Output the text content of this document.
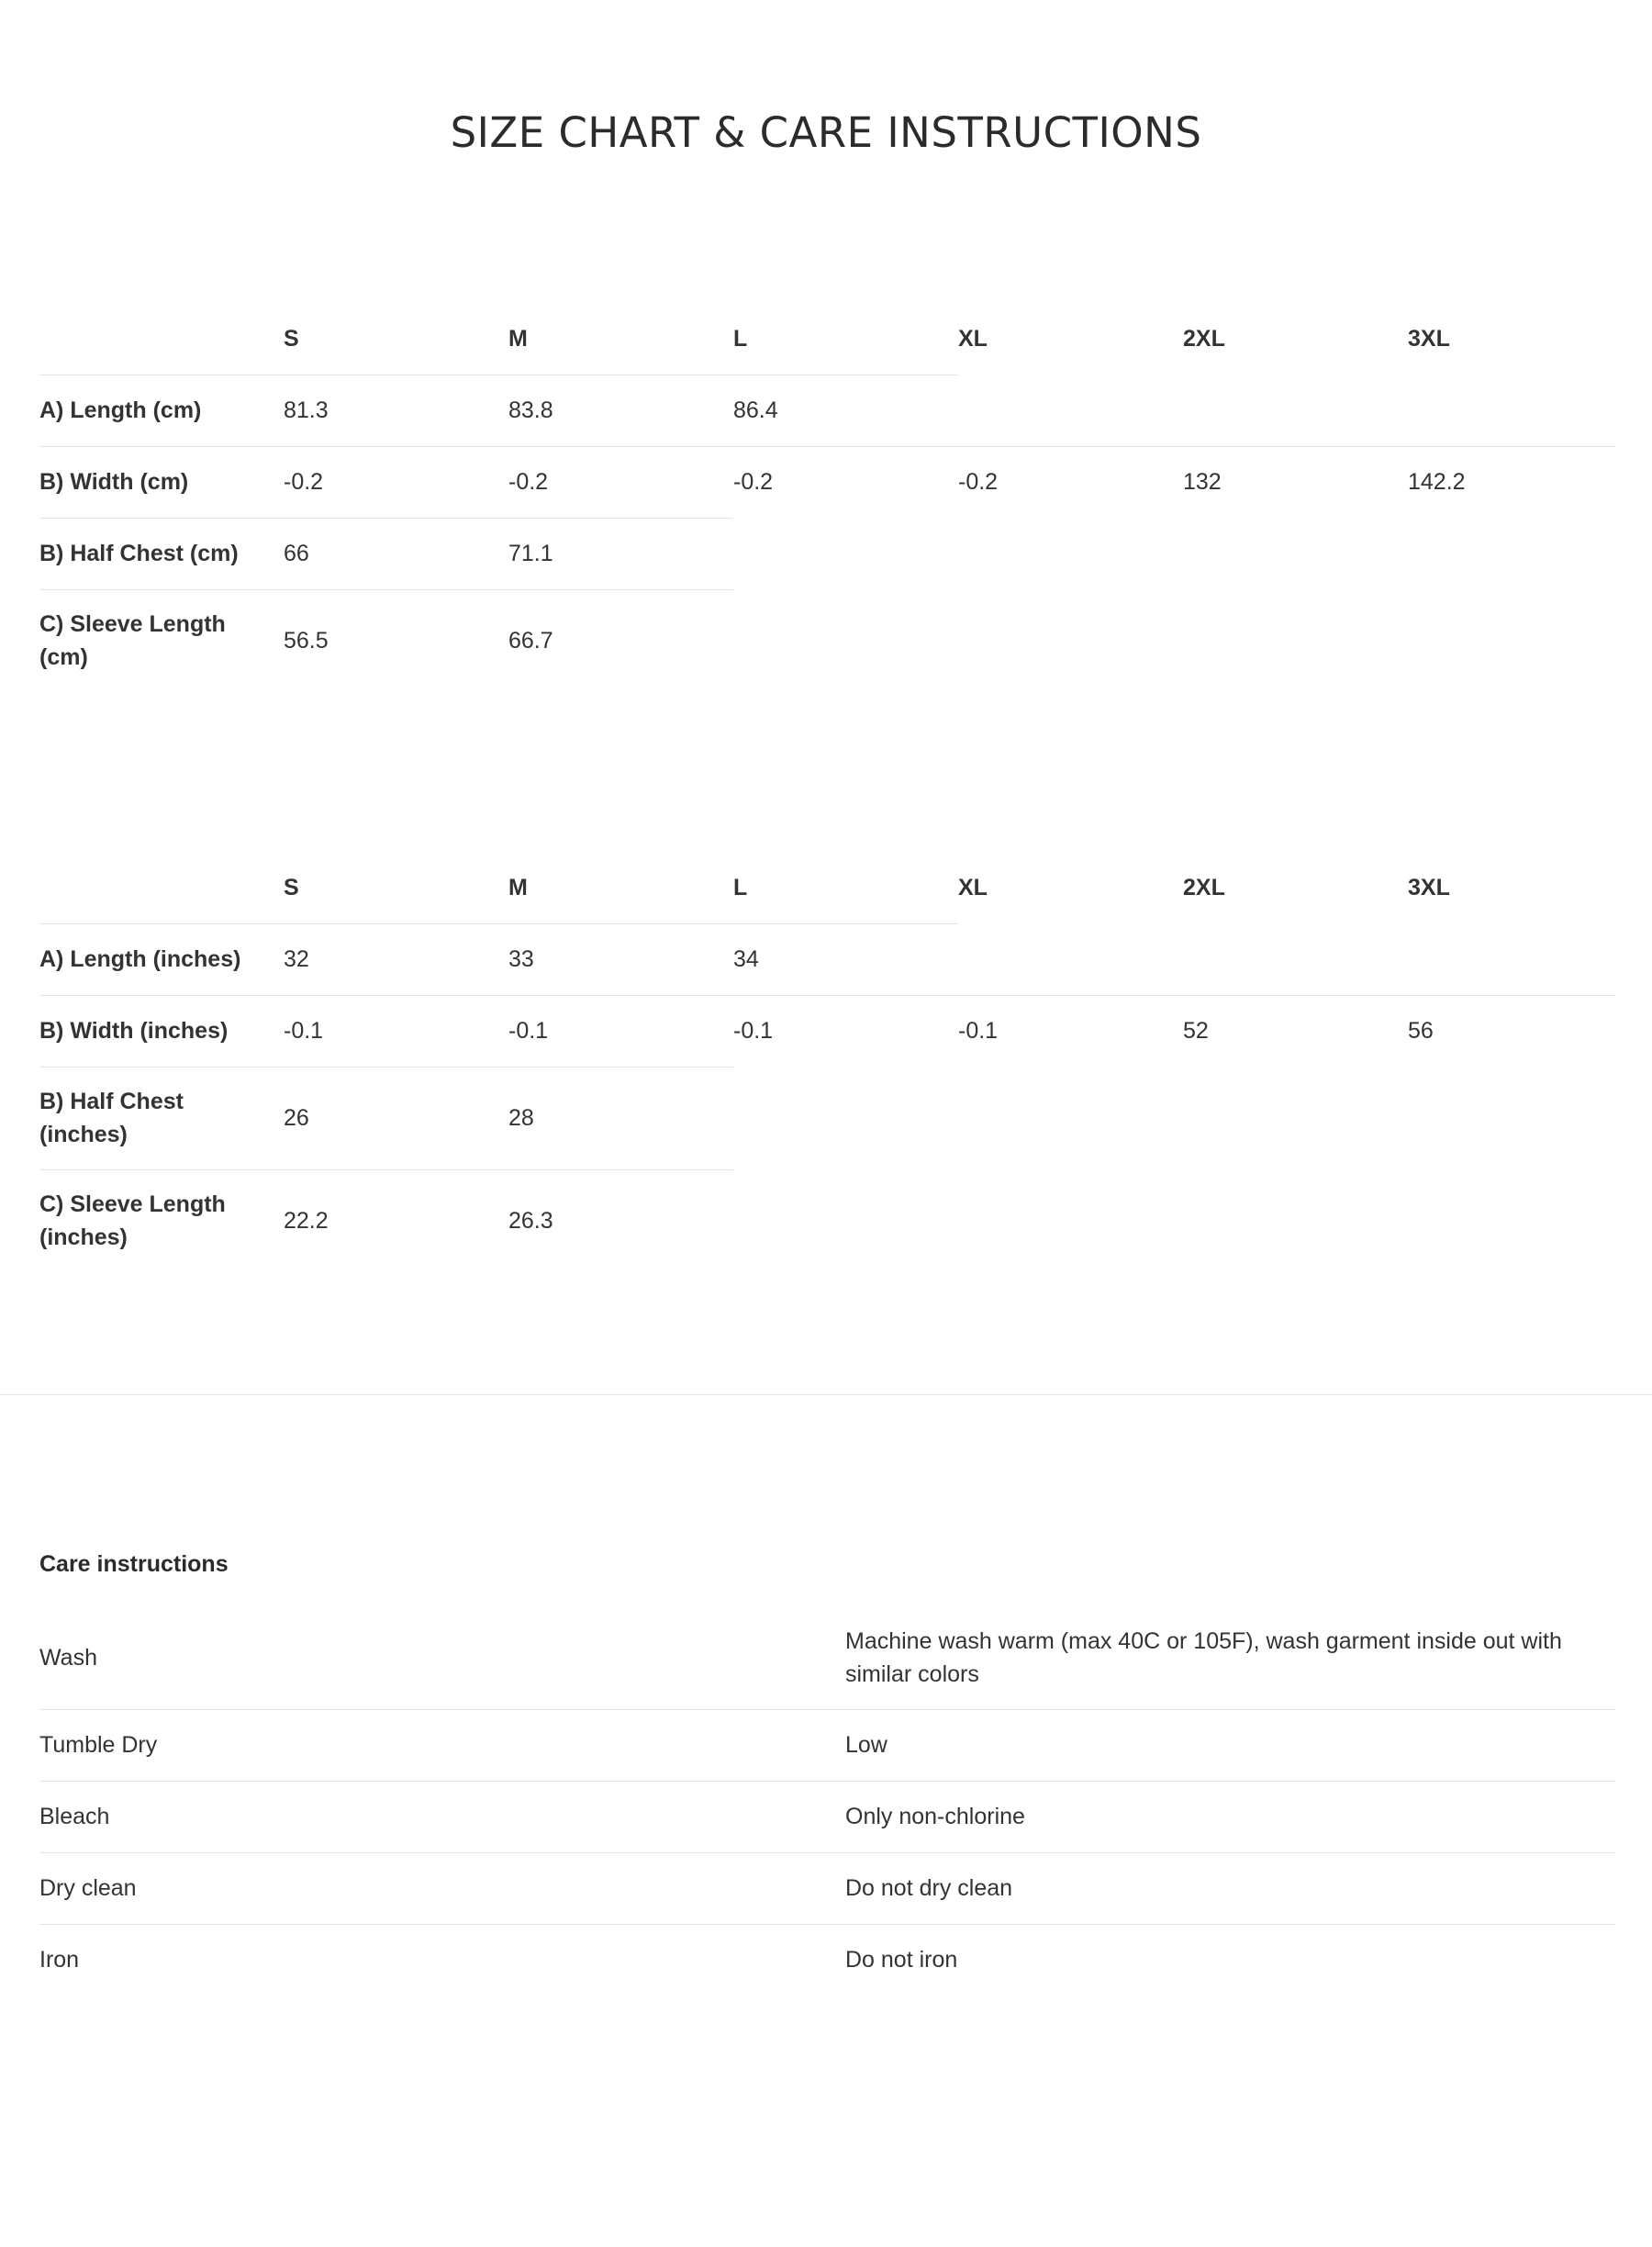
SIZE CHART & CARE INSTRUCTIONS
	S	M	L	XL	2XL	3XL
A) Length (cm)	81.3	83.8	86.4			
B) Width (cm)	-0.2	-0.2	-0.2	-0.2	132	142.2
B) Half Chest (cm)	66	71.1				
C) Sleeve Length (cm)	56.5	66.7				
	S	M	L	XL	2XL	3XL
A) Length (inches)	32	33	34			
B) Width (inches)	-0.1	-0.1	-0.1	-0.1	52	56
B) Half Chest (inches)	26	28				
C) Sleeve Length (inches)	22.2	26.3				
Care instructions
Wash	Machine wash warm (max 40C or 105F), wash garment inside out with similar colors
Tumble Dry	Low
Bleach	Only non-chlorine
Dry clean	Do not dry clean
Iron	Do not iron
